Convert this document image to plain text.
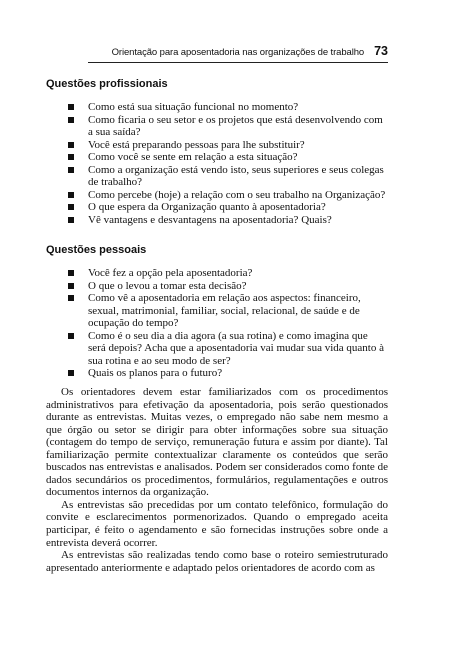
Orientação para aposentadoria nas organizações de trabalho 73
Questões profissionais
Como está sua situação funcional no momento?
Como ficaria o seu setor e os projetos que está desenvolvendo com a sua saída?
Você está preparando pessoas para lhe substituir?
Como você se sente em relação a esta situação?
Como a organização está vendo isto, seus superiores e seus colegas de trabalho?
Como percebe (hoje) a relação com o seu trabalho na Organização?
O que espera da Organização quanto à aposentadoria?
Vê vantagens e desvantagens na aposentadoria? Quais?
Questões pessoais
Você fez a opção pela aposentadoria?
O que o levou a tomar esta decisão?
Como vê a aposentadoria em relação aos aspectos: financeiro, sexual, matrimonial, familiar, social, relacional, de saúde e de ocupação do tempo?
Como é o seu dia a dia agora (a sua rotina) e como imagina que será depois? Acha que a aposentadoria vai mudar sua vida quanto à sua rotina e ao seu modo de ser?
Quais os planos para o futuro?

Os orientadores devem estar familiarizados com os procedimentos administrativos para efetivação da aposentadoria, pois serão questionados durante as entrevistas. Muitas vezes, o empregado não sabe nem mesmo a que órgão ou setor se dirigir para obter informações sobre sua situação (contagem do tempo de serviço, remuneração futura e assim por diante). Tal familiarização permite contextualizar claramente os conteúdos que serão buscados nas entrevistas e analisados. Podem ser considerados como fonte de dados secundários os procedimentos, formulários, regulamentações e outros documentos internos da organização.

As entrevistas são precedidas por um contato telefônico, formulação do convite e esclarecimentos pormenorizados. Quando o empregado aceita participar, é feito o agendamento e são fornecidas instruções sobre onde a entrevista deverá ocorrer.

As entrevistas são realizadas tendo como base o roteiro semiestruturado apresentado anteriormente e adaptado pelos orientadores de acordo com as
